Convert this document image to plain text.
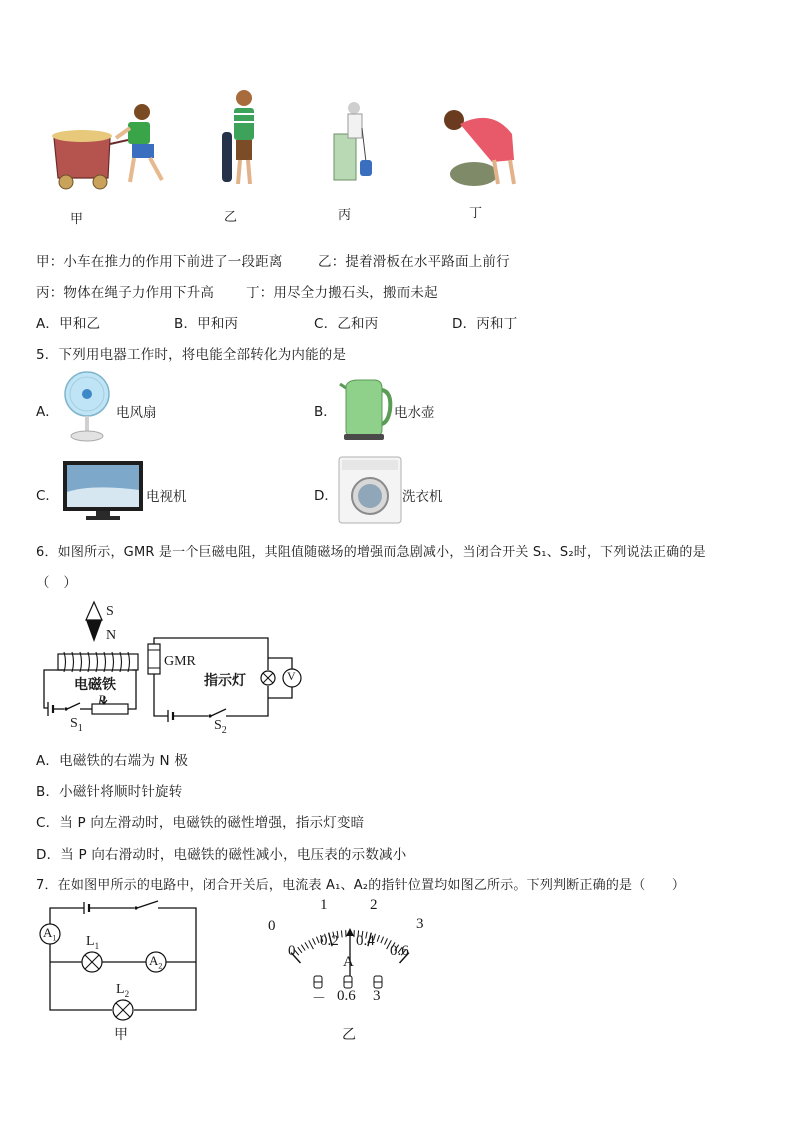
甲	乙	丙	丁
甲：小车在推力的作用下前进了一段距离	乙：提着滑板在水平路面上前行
丙：物体在绳子力作用下升高 丁：用尽全力搬石头，搬而未起
A．甲和乙	B．甲和丙	C．乙和丙	D．丙和丁
5．下列用电器工作时，将电能全部转化为内能的是
A．	电风扇	B．	电水壶
C．	电视机	D．	洗衣机
6．如图所示，GMR 是一个巨磁电阻，其阻值随磁场的增强而急剧减小，当闭合开关 S₁、S₂时，下列说法正确的是
（　）
S
N
电磁铁
GMR
指示灯	V
P
$S_1$	$S_2$
A．电磁铁的右端为 N 极
B．小磁针将顺时针旋转
C．当 P 向左滑动时，电磁铁的磁性增强，指示灯变暗
D．当 P 向右滑动时，电磁铁的磁性减小，电压表的示数减小
7．在如图甲所示的电路中，闭合开关后，电流表 A₁、A₂的指针位置均如图乙所示。下列判断正确的是（　　）
$A_1$
$A_2$
$L_1$
$L_2$
甲
0
1	2
3
0
0.2 0.4
0.6
A
－ 0.6 3
乙
